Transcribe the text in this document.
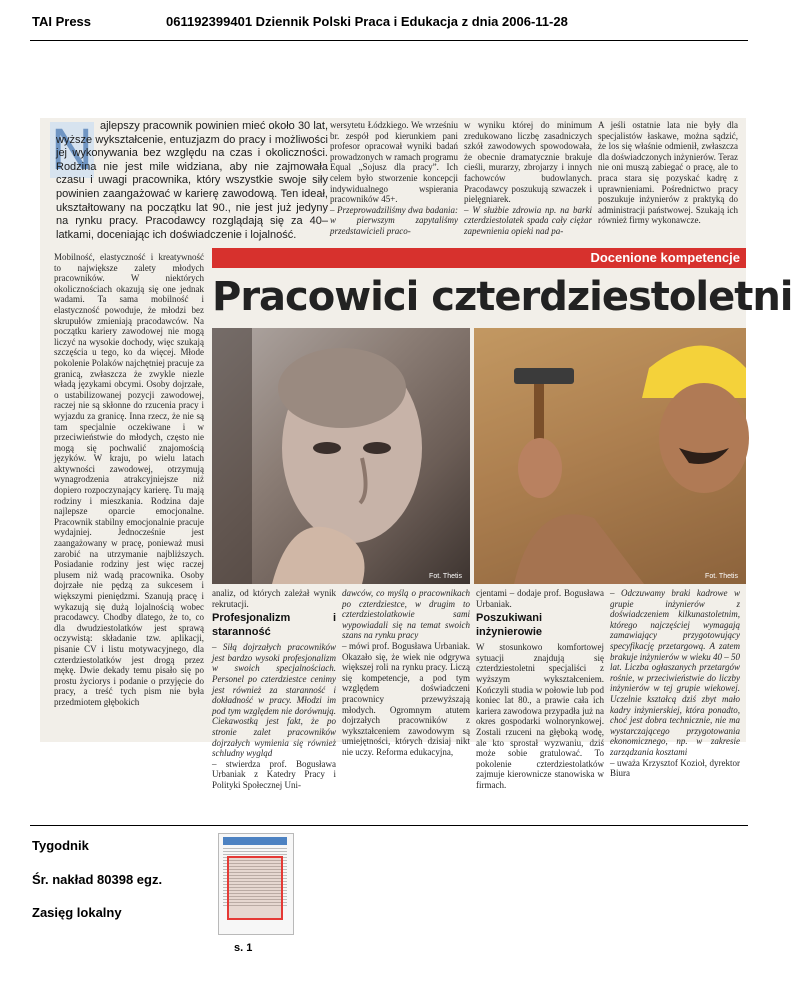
TAI Press	061192399401 Dziennik Polski Praca i Edukacja z dnia 2006-11-28
N ajlepszy pracownik powinien mieć około 30 lat, wyższe wykształcenie, entuzjazm do pracy i możliwości jej wykonywania bez względu na czas i okoliczności. Rodzina nie jest mile widziana, aby nie zajmowała czasu i uwagi pracownika, który wszystkie swoje siły powinien zaangażować w karierę zawodową. Ten ideał, ukształtowany na początku lat 90., nie jest już jedyny na rynku pracy. Pracodawcy rozglądają się za 40–latkami, doceniając ich doświadczenie i lojalność.

wersytetu Łódzkiego. We wrześniu br. zespół pod kierunkiem pani profesor opracował wyniki badań prowadzonych w ramach programu Equal „Sojusz dla pracy”. Ich celem było stworzenie koncepcji indywidualnego wspierania pracowników 45+.

– Przeprowadziliśmy dwa badania: w pierwszym zapytaliśmy przedstawicieli praco-

w wyniku której do minimum zredukowano liczbę zasadniczych szkół zawodowych spowodowała, że obecnie dramatycznie brakuje cieśli, murarzy, zbrojarzy i innych fachowców budowlanych. Pracodawcy poszukują szwaczek i pielęgniarek.

– W służbie zdrowia np. na barki czterdziestolatek spada cały ciężar zapewnienia opieki nad pa-

A jeśli ostatnie lata nie były dla specjalistów łaskawe, można sądzić, że los się właśnie odmienił, zwłaszcza dla doświadczonych inżynierów. Teraz nie oni muszą zabiegać o pracę, ale to praca stara się pozyskać kadrę z uprawnieniami. Pośrednictwo pracy poszukuje inżynierów z praktyką do administracji państwowej. Szukają ich również firmy wykonawcze.

Mobilność, elastyczność i kreatywność to największe zalety młodych pracowników. W niektórych okolicznościach okazują się one jednak wadami. Ta sama mobilność i elastyczność powoduje, że młodzi bez skrupułów zmieniają pracodawców. Na początku kariery zawodowej nie mogą liczyć na wysokie dochody, więc szukają szczęścia u tego, ko da więcej. Młode pokolenie Polaków najchętniej pracuje za granicą, zwłaszcza że zwykle niezle władą językami obcymi. Osoby dojrzałe, o ustabilizowanej pozycji zawodowej, raczej nie są skłonne do rzucenia pracy i wyjazdu za granicę. Inna rzecz, że nie są tam specjalnie oczekiwane i w przeciwieństwie do młodych, często nie mogą się pochwalić znajomością języków. W kraju, po wielu latach aktywności zawodowej, otrzymują wynagrodzenia atrakcyjniejsze niż dopiero rozpoczynający karierę. Tu mają rodziny i mieszkania. Rodzina daje najlepsze oparcie emocjonalne. Pracownik stabilny emocjonalnie pracuje wydajniej. Jednocześnie jest zaangażowany w pracę, ponieważ musi zarobić na utrzymanie najbliższych. Posiadanie rodziny jest więc raczej plusem niż wadą pracownika. Osoby dojrzałe nie pędzą za sukcesem i większymi pieniędzmi. Szanują pracę i wykazują się dużą lojalnością wobec pracodawcy. Chodby dlatego, że to, co dla dwudziestolatków jest sprawą oczywistą: składanie tzw. aplikacji, pisanie CV i listu motywacyjnego, dla czterdziestolatków jest drogą przez mękę. Dwie dekady temu pisało się po prostu życiorys i podanie o przyjęcie do pracy, a treść tych pism nie była przedmiotem głębokich

Docenione kompetencje
Pracowici czterdziestoletni
Fot. Thetis	Fot. Thetis

analiz, od których zależał wynik rekrutacji.

Profesjonalizm i staranność

– Siłą dojrzałych pracowników jest bardzo wysoki profesjonalizm w swoich specjalnościach. Personel po czterdziestce cenimy jest również za staranność i dokładność w pracy. Młodzi im pod tym względem nie dorównują. Ciekawostką jest fakt, że po stronie zalet pracowników dojrzałych wymienia się również schludny wygląd

– stwierdza prof. Bogusława Urbaniak z Katedry Pracy i Polityki Społecznej Uni-

dawców, co myślą o pracownikach po czterdziestce, w drugim to czterdziestolatkowie sami wypowiadali się na temat swoich szans na rynku pracy

– mówi prof. Bogusława Urbaniak. Okazało się, że wiek nie odgrywa większej roli na rynku pracy. Liczą się kompetencje, a pod tym względem doświadczeni pracownicy przewyższają młodych. Ogromnym atutem dojrzałych pracowników z wykształceniem zawodowym są umiejętności, których dzisiaj nikt nie uczy. Reforma edukacyjna,

cjentami – dodaje prof. Bogusława Urbaniak.

Poszukiwani inżynierowie

W stosunkowo komfortowej sytuacji znajdują się czterdziestoletni specjaliści z wyższym wykształceniem. Kończyli studia w połowie lub pod koniec lat 80., a prawie cała ich kariera zawodowa przypadła już na okres gospodarki wolnorynkowej. Zostali rzuceni na głęboką wodę, ale kto sprostał wyzwaniu, dziś może sobie gratulować. To pokolenie czterdziestolatków zajmuje kierownicze stanowiska w firmach.

– Odczuwamy braki kadrowe w grupie inżynierów z doświadczeniem kilkunastoletnim, którego najczęściej wymagają zamawiający przygotowujący specyfikację przetargową. A zatem brakuje inżynierów w wieku 40 – 50 lat. Liczba ogłaszanych przetargów rośnie, w przeciwieństwie do liczby inżynierów w tej grupie wiekowej. Uczelnie kształcą dziś zbyt mało kadry inżynierskiej, która ponadto, choć jest dobra technicznie, nie ma wystarczającego przygotowania ekonomicznego, np. w zakresie zarządzania kosztami

– uważa Krzysztof Kozioł, dyrektor Biura

Tygodnik
Śr. nakład 80398 egz.
Zasięg lokalny
s. 1
